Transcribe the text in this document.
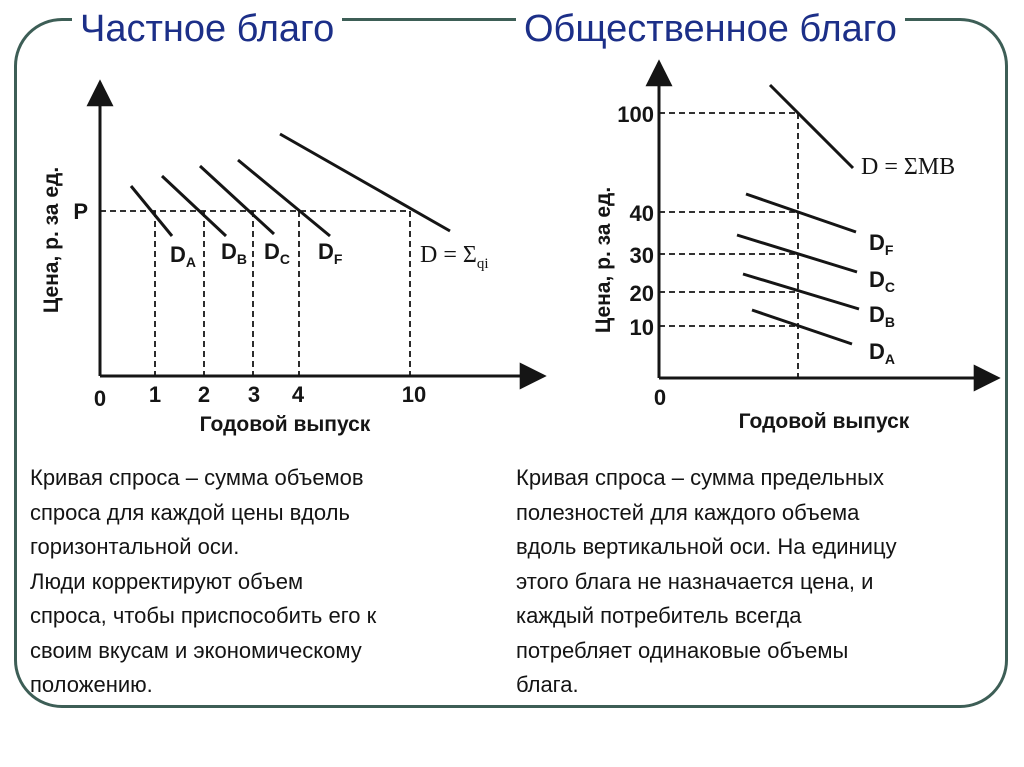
Частное благо	Общественное благо
Цена, р. за ед.
Годовой выпуск
P
0 1 2 3 4	10
$D_A$ $D_B$ $D_C$ $D_F$	$D = \Sigma_{qi}$	Цена, р. за ед.
Годовой выпуск
100
40
30
20
10
0
D = ΣMB
$D_F$
$D_C$
$D_B$
$D_A$
Кривая спроса – сумма объемов
спроса для каждой цены вдоль
горизонтальной оси.
Люди корректируют объем
спроса, чтобы приспособить его к
своим вкусам и экономическому
положению.
Кривая спроса – сумма предельных
полезностей для каждого объема
вдоль вертикальной оси. На единицу
этого блага не назначается цена, и
каждый потребитель всегда
потребляет одинаковые объемы
блага.
